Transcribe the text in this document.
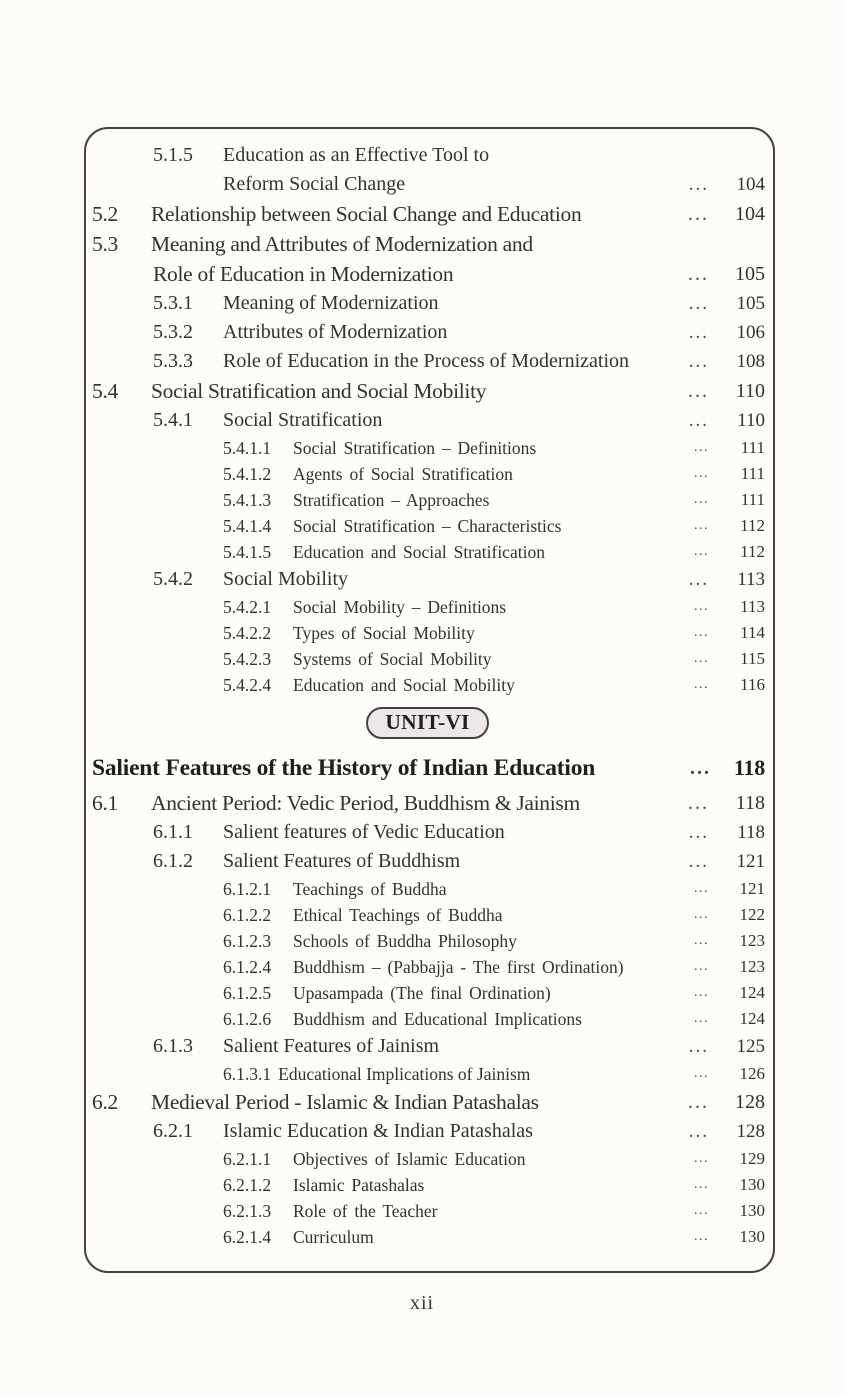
5.1.5	Education as an Effective Tool to
Reform Social Change	...	104
5.2	Relationship between Social Change and Education	...	104
5.3	Meaning and Attributes of Modernization and
Role of Education in Modernization	...	105
5.3.1	Meaning of Modernization	...	105
5.3.2	Attributes of Modernization	...	106
5.3.3	Role of Education in the Process of Modernization	...	108
5.4	Social Stratification and Social Mobility	...	110
5.4.1	Social Stratification	...	110
5.4.1.1	Social Stratification – Definitions	...	111
5.4.1.2	Agents of Social Stratification	...	111
5.4.1.3	Stratification – Approaches	...	111
5.4.1.4	Social Stratification – Characteristics	...	112
5.4.1.5	Education and Social Stratification	...	112
5.4.2	Social Mobility	...	113
5.4.2.1	Social Mobility – Definitions	...	113
5.4.2.2	Types of Social Mobility	...	114
5.4.2.3	Systems of Social Mobility	...	115
5.4.2.4	Education and Social Mobility	...	116
UNIT-VI
Salient Features of the History of Indian Education	...	118
6.1	Ancient Period: Vedic Period, Buddhism & Jainism	...	118
6.1.1	Salient features of Vedic Education	...	118
6.1.2	Salient Features of Buddhism	...	121
6.1.2.1	Teachings of Buddha	...	121
6.1.2.2	Ethical Teachings of Buddha	...	122
6.1.2.3	Schools of Buddha Philosophy	...	123
6.1.2.4	Buddhism – (Pabbajja - The first Ordination)	...	123
6.1.2.5	Upasampada (The final Ordination)	...	124
6.1.2.6	Buddhism and Educational Implications	...	124
6.1.3	Salient Features of Jainism	...	125
6.1.3.1 Educational Implications of Jainism	...	126
6.2	Medieval Period - Islamic & Indian Patashalas	...	128
6.2.1	Islamic Education & Indian Patashalas	...	128
6.2.1.1	Objectives of Islamic Education	...	129
6.2.1.2	Islamic Patashalas	...	130
6.2.1.3	Role of the Teacher	...	130
6.2.1.4	Curriculum	...	130
xii
